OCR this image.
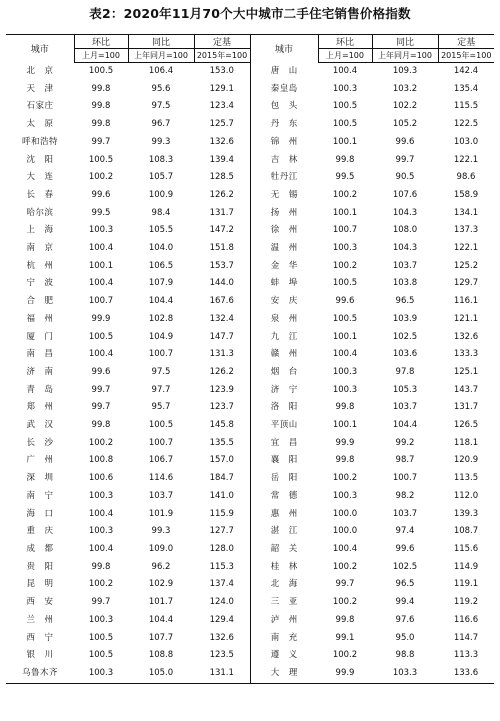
表2：2020年11月70个大中城市二手住宅销售价格指数
城市	环比	同比	定基	城市	环比	同比	定基
	上月=100	上年同月=100	2015年=100		上月=100	上年同月=100	2015年=100
北　京	100.5	106.4	153.0	唐　山	100.4	109.3	142.4
天　津	99.8	95.6	129.1	秦皇岛	100.3	103.2	135.4
石家庄	99.8	97.5	123.4	包　头	100.5	102.2	115.5
太　原	99.8	96.7	125.7	丹　东	100.5	105.2	122.5
呼和浩特	99.7	99.3	132.6	锦　州	100.1	99.6	103.0
沈　阳	100.5	108.3	139.4	吉　林	99.8	99.7	122.1
大　连	100.2	105.7	128.5	牡丹江	99.5	90.5	98.6
长　春	99.6	100.9	126.2	无　锡	100.2	107.6	158.9
哈尔滨	99.5	98.4	131.7	扬　州	100.1	104.3	134.1
上　海	100.3	105.5	147.2	徐　州	100.7	108.0	137.3
南　京	100.4	104.0	151.8	温　州	100.3	104.3	122.1
杭　州	100.1	106.5	153.7	金　华	100.2	103.7	125.2
宁　波	100.4	107.9	144.0	蚌　埠	100.5	103.8	129.7
合　肥	100.7	104.4	167.6	安　庆	99.6	96.5	116.1
福　州	99.9	102.8	132.4	泉　州	100.5	103.9	121.1
厦　门	100.5	104.9	147.7	九　江	100.1	102.5	132.6
南　昌	100.4	100.7	131.3	赣　州	100.4	103.6	133.3
济　南	99.6	97.5	126.2	烟　台	100.3	97.8	125.1
青　岛	99.7	97.7	123.9	济　宁	100.3	105.3	143.7
郑　州	99.7	95.7	123.7	洛　阳	99.8	103.7	131.7
武　汉	99.8	100.5	145.8	平顶山	100.1	104.4	126.5
长　沙	100.2	100.7	135.5	宜　昌	99.9	99.2	118.1
广　州	100.8	106.7	157.0	襄　阳	99.8	98.7	120.9
深　圳	100.6	114.6	184.7	岳　阳	100.2	100.7	113.5
南　宁	100.3	103.7	141.0	常　德	100.3	98.2	112.0
海　口	100.4	101.9	115.9	惠　州	100.0	103.7	139.3
重　庆	100.3	99.3	127.7	湛　江	100.0	97.4	108.7
成　都	100.4	109.0	128.0	韶　关	100.4	99.6	115.6
贵　阳	99.8	96.2	115.3	桂　林	100.2	102.5	114.9
昆　明	100.2	102.9	137.4	北　海	99.7	96.5	119.1
西　安	99.7	101.7	124.0	三　亚	100.2	99.4	119.2
兰　州	100.3	104.4	129.4	泸　州	99.8	97.6	116.6
西　宁	100.5	107.7	132.6	南　充	99.1	95.0	114.7
银　川	100.5	108.8	123.5	遵　义	100.2	98.8	113.3
乌鲁木齐	100.3	105.0	131.1	大　理	99.9	103.3	133.6
